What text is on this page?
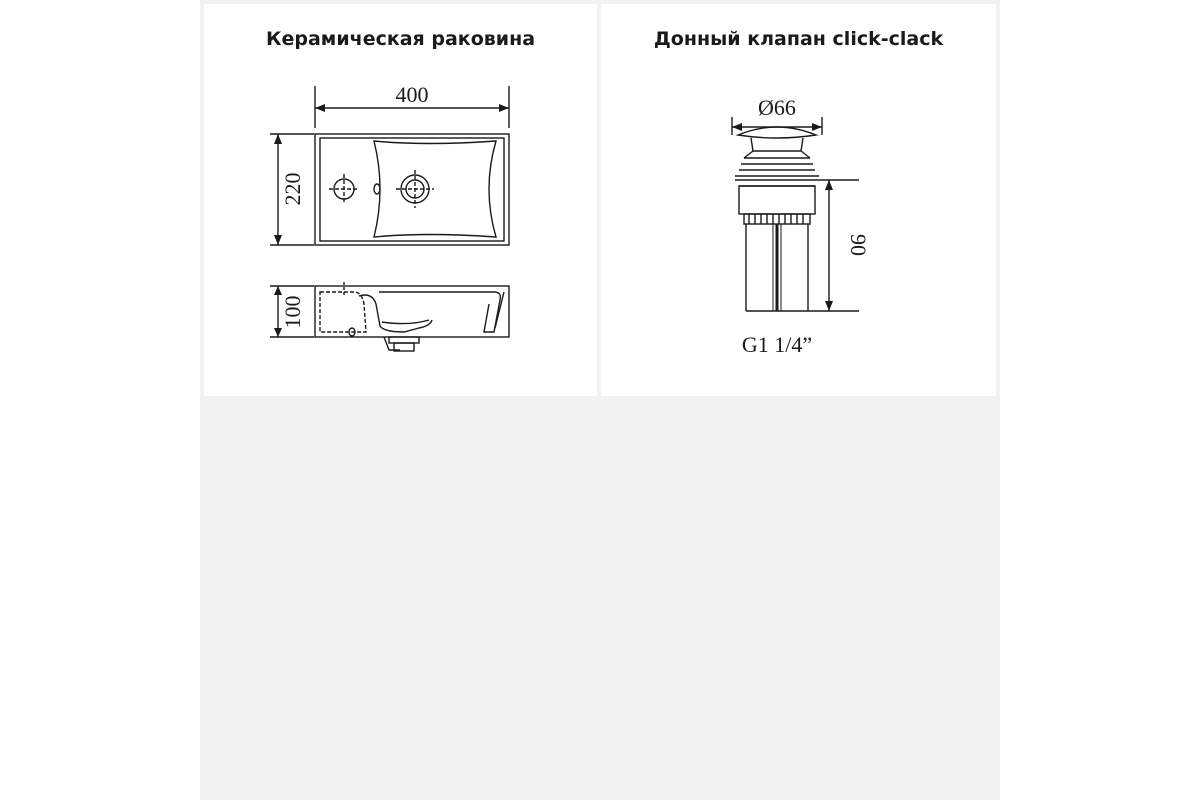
Керамическая раковина
400
220
100
Донный клапан click-clack
Ø66
90
G1 1/4”
